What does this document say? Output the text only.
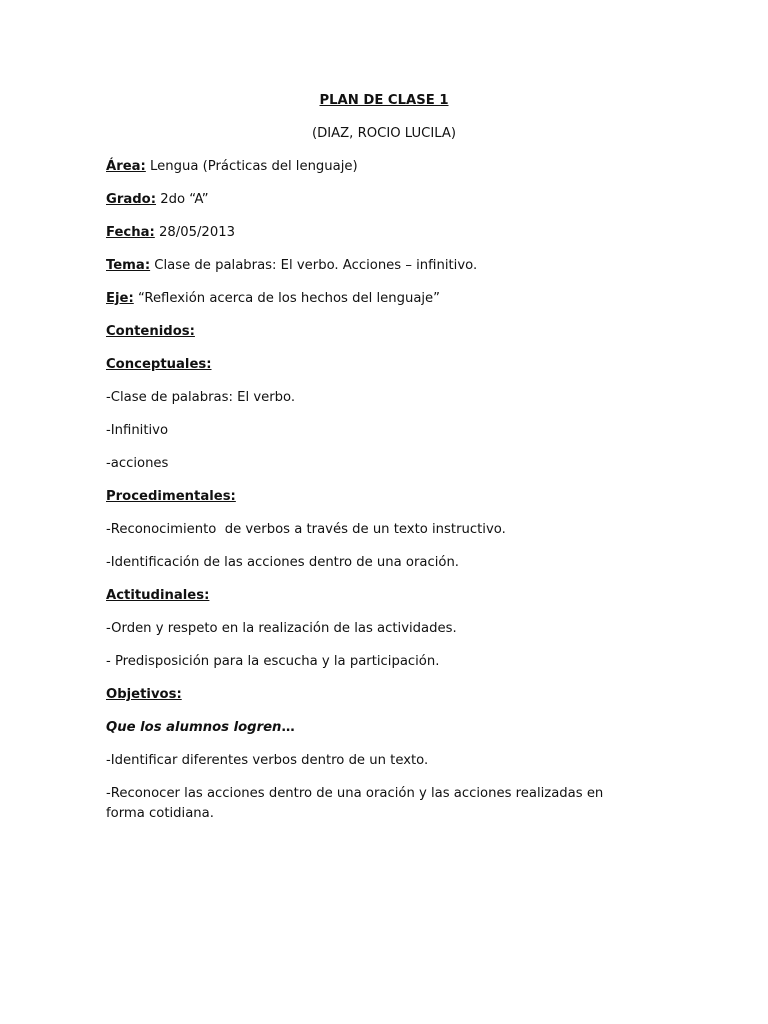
PLAN DE CLASE 1
(DIAZ, ROCIO LUCILA)
Área: Lengua (Prácticas del lenguaje)
Grado: 2do “A”
Fecha: 28/05/2013
Tema: Clase de palabras: El verbo. Acciones – infinitivo.
Eje: “Reflexión acerca de los hechos del lenguaje”
Contenidos:
Conceptuales:
-Clase de palabras: El verbo.
-Infinitivo
-acciones
Procedimentales:
-Reconocimiento  de verbos a través de un texto instructivo.
-Identificación de las acciones dentro de una oración.
Actitudinales:
-Orden y respeto en la realización de las actividades.
- Predisposición para la escucha y la participación.
Objetivos:
Que los alumnos logren…
-Identificar diferentes verbos dentro de un texto.
-Reconocer las acciones dentro de una oración y las acciones realizadas en forma cotidiana.
